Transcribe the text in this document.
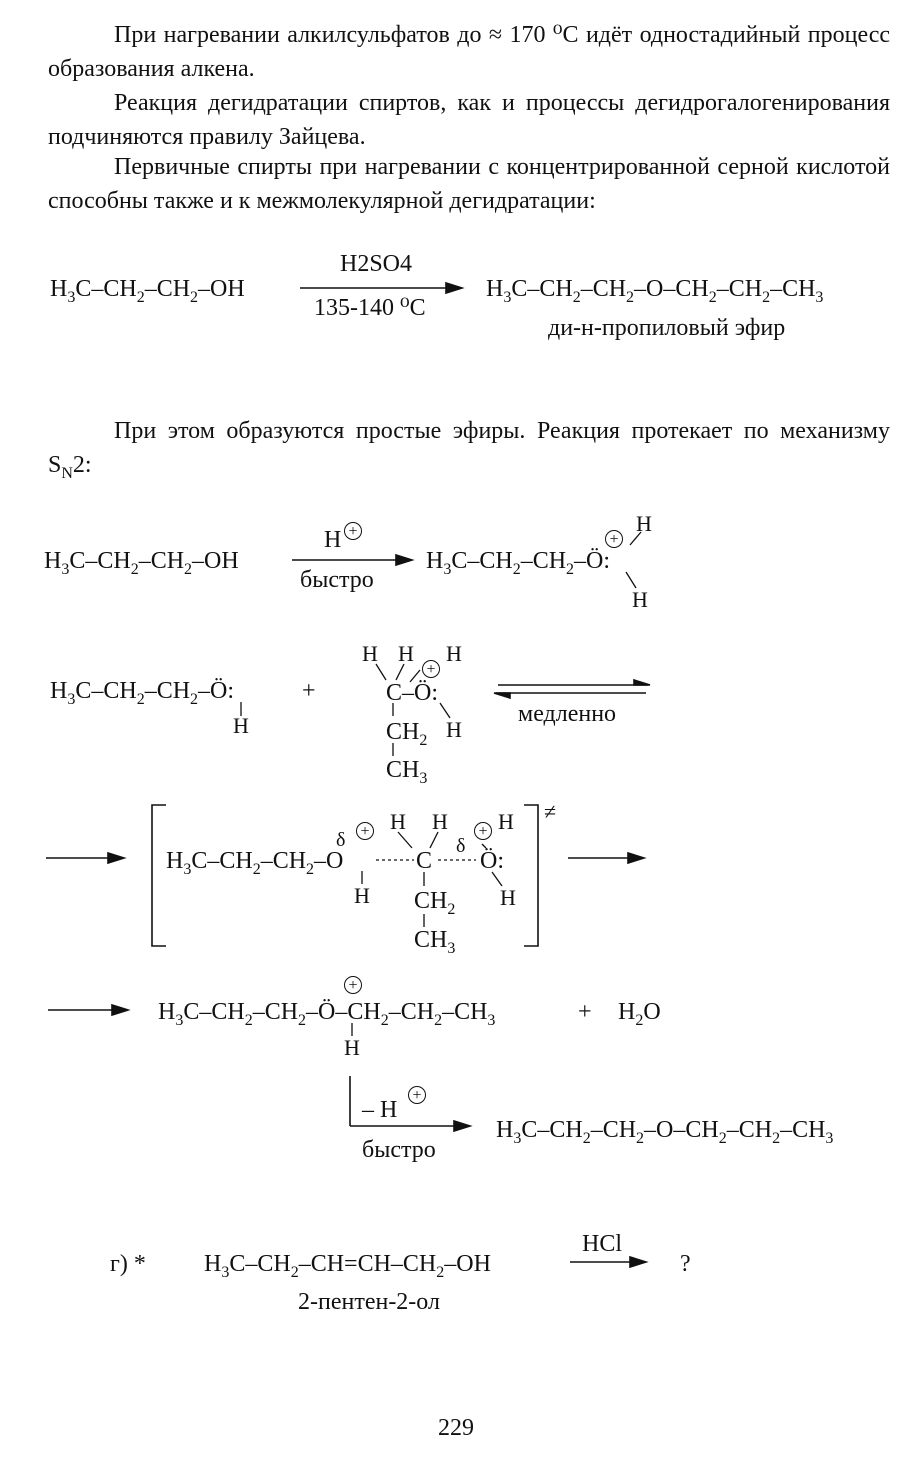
При нагревании алкилсульфатов до ≈ 170 ⁰С идёт одностадийный процесс образования алкена.

Реакция дегидратации спиртов, как и процессы дегидрогалогенирования подчиняются правилу Зайцева.

Первичные спирты при нагревании с концентрированной серной кислотой способны также и к межмолекулярной дегидратации:

При этом образуются простые эфиры. Реакция протекает по механизму $S_N2$:

$H_3C-CH_2-CH_2-OH$
H2SO4
135-140 ⁰С
$H_3C-CH_2-CH_2-O-CH_2-CH_2-CH_3$
ди-н-пропиловый эфир
$H_3C-CH_2-CH_2-OH$
H +
быстро
$H_3C-CH_2-CH_2-Ö$:
+
H
H
$H_3C-CH_2-CH_2-Ö$:
H
+
H H
+
H
C–Ö:
$CH_2$ H
$CH_3$
медленно
$H_3C-CH_2-CH_2-O$
δ +
H
H H
C
δ
+ H
Ö:
$CH_2$ H
$CH_3$
≠
+
$H_3C-CH_2-CH_2-Ö-CH_2-CH_2-CH_3$
H
+ $H_2O$
– H
+
быстро
$H_3C-CH_2-CH_2-O-CH_2-CH_2-CH_3$
$г) * H_3C-CH_2-CH=CH-CH_2-OH$
HCl
?
2-пентен-2-ол
229
